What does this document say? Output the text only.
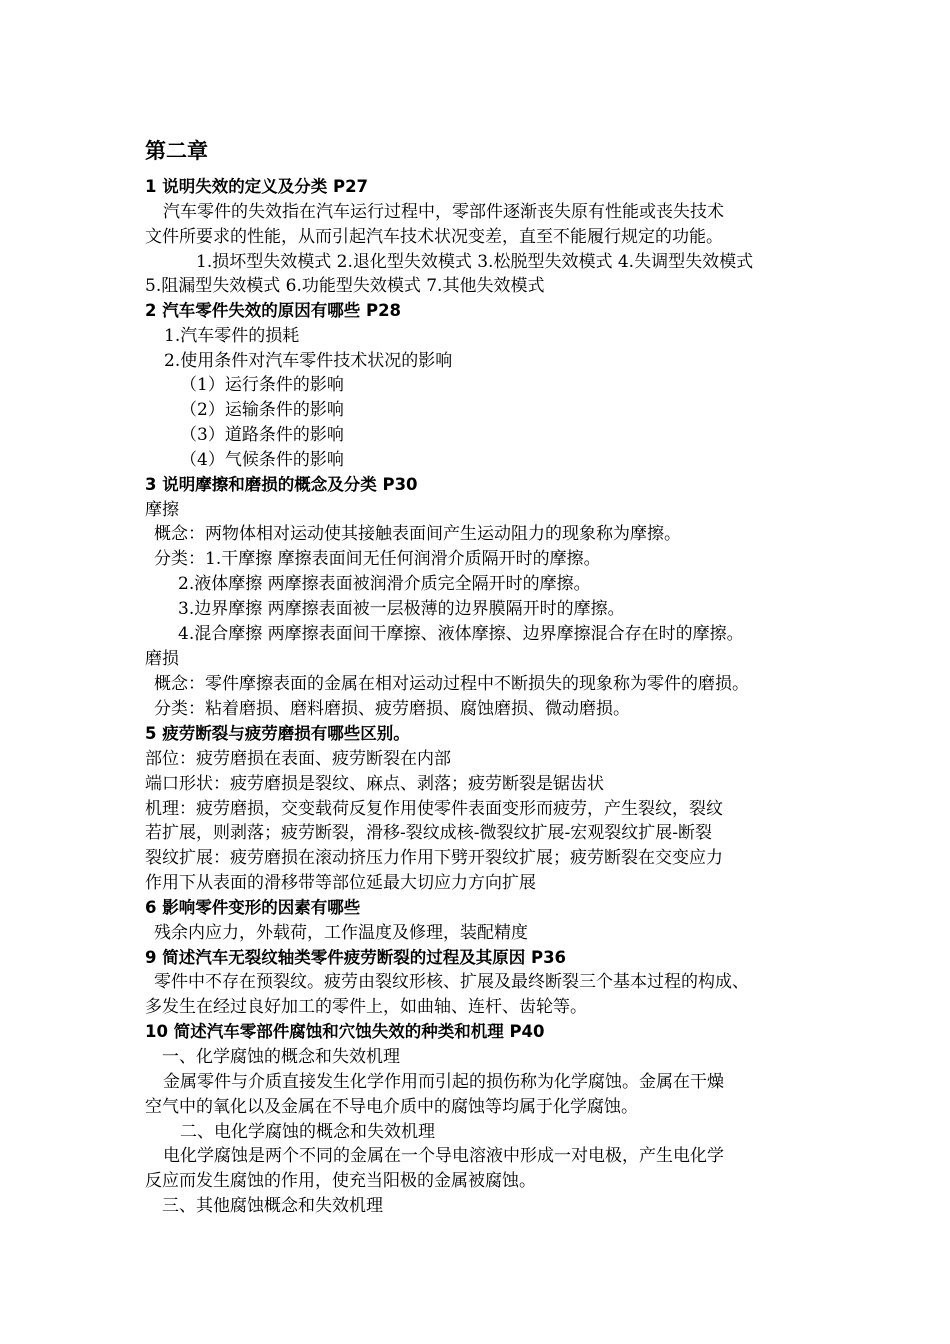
第二章
1 说明失效的定义及分类 P27
汽车零件的失效指在汽车运行过程中，零部件逐渐丧失原有性能或丧失技术
文件所要求的性能，从而引起汽车技术状况变差，直至不能履行规定的功能。
1.损坏型失效模式 2.退化型失效模式 3.松脱型失效模式 4.失调型失效模式
5.阻漏型失效模式 6.功能型失效模式 7.其他失效模式
2 汽车零件失效的原因有哪些 P28
1.汽车零件的损耗
2.使用条件对汽车零件技术状况的影响
（1）运行条件的影响
（2）运输条件的影响
（3）道路条件的影响
（4）气候条件的影响
3 说明摩擦和磨损的概念及分类 P30
摩擦
概念：两物体相对运动使其接触表面间产生运动阻力的现象称为摩擦。
分类：1.干摩擦 摩擦表面间无任何润滑介质隔开时的摩擦。
2.液体摩擦 两摩擦表面被润滑介质完全隔开时的摩擦。
3.边界摩擦 两摩擦表面被一层极薄的边界膜隔开时的摩擦。
4.混合摩擦 两摩擦表面间干摩擦、液体摩擦、边界摩擦混合存在时的摩擦。
磨损
概念：零件摩擦表面的金属在相对运动过程中不断损失的现象称为零件的磨损。
分类：粘着磨损、磨料磨损、疲劳磨损、腐蚀磨损、微动磨损。
5 疲劳断裂与疲劳磨损有哪些区别。
部位：疲劳磨损在表面、疲劳断裂在内部
端口形状：疲劳磨损是裂纹、麻点、剥落；疲劳断裂是锯齿状
机理：疲劳磨损，交变载荷反复作用使零件表面变形而疲劳，产生裂纹，裂纹
若扩展，则剥落；疲劳断裂，滑移-裂纹成核-微裂纹扩展-宏观裂纹扩展-断裂
裂纹扩展：疲劳磨损在滚动挤压力作用下劈开裂纹扩展；疲劳断裂在交变应力
作用下从表面的滑移带等部位延最大切应力方向扩展
6 影响零件变形的因素有哪些
残余内应力，外载荷，工作温度及修理，装配精度
9 简述汽车无裂纹轴类零件疲劳断裂的过程及其原因 P36
零件中不存在预裂纹。疲劳由裂纹形核、扩展及最终断裂三个基本过程的构成、
多发生在经过良好加工的零件上，如曲轴、连杆、齿轮等。
10 简述汽车零部件腐蚀和穴蚀失效的种类和机理 P40
一、化学腐蚀的概念和失效机理
金属零件与介质直接发生化学作用而引起的损伤称为化学腐蚀。金属在干燥
空气中的氧化以及金属在不导电介质中的腐蚀等均属于化学腐蚀。
二、电化学腐蚀的概念和失效机理
电化学腐蚀是两个不同的金属在一个导电溶液中形成一对电极，产生电化学
反应而发生腐蚀的作用，使充当阳极的金属被腐蚀。
三、其他腐蚀概念和失效机理
